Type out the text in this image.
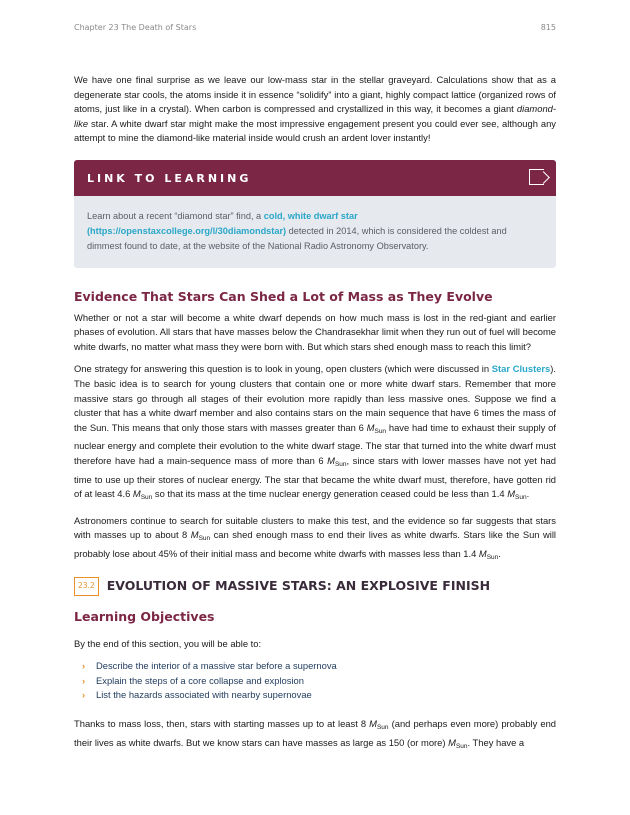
Chapter 23 The Death of Stars	815

We have one final surprise as we leave our low-mass star in the stellar graveyard. Calculations show that as a degenerate star cools, the atoms inside it in essence “solidify” into a giant, highly compact lattice (organized rows of atoms, just like in a crystal). When carbon is compressed and crystallized in this way, it becomes a giant diamond-like star. A white dwarf star might make the most impressive engagement present you could ever see, although any attempt to mine the diamond-like material inside would crush an ardent lover instantly!

LINK TO LEARNING

Learn about a recent “diamond star” find, a cold, white dwarf star (https://openstaxcollege.org/l/30diamondstar) detected in 2014, which is considered the coldest and dimmest found to date, at the website of the National Radio Astronomy Observatory.

Evidence That Stars Can Shed a Lot of Mass as They Evolve

Whether or not a star will become a white dwarf depends on how much mass is lost in the red-giant and earlier phases of evolution. All stars that have masses below the Chandrasekhar limit when they run out of fuel will become white dwarfs, no matter what mass they were born with. But which stars shed enough mass to reach this limit?

One strategy for answering this question is to look in young, open clusters (which were discussed in Star Clusters). The basic idea is to search for young clusters that contain one or more white dwarf stars. Remember that more massive stars go through all stages of their evolution more rapidly than less massive ones. Suppose we find a cluster that has a white dwarf member and also contains stars on the main sequence that have 6 times the mass of the Sun. This means that only those stars with masses greater than 6 $M_{Sun}$ have had time to exhaust their supply of nuclear energy and complete their evolution to the white dwarf stage. The star that turned into the white dwarf must therefore have had a main-sequence mass of more than 6 $M_{Sun}$, since stars with lower masses have not yet had time to use up their stores of nuclear energy. The star that became the white dwarf must, therefore, have gotten rid of at least 4.6 $M_{Sun}$ so that its mass at the time nuclear energy generation ceased could be less than 1.4 $M_{Sun}$.

Astronomers continue to search for suitable clusters to make this test, and the evidence so far suggests that stars with masses up to about 8 $M_{Sun}$ can shed enough mass to end their lives as white dwarfs. Stars like the Sun will probably lose about 45% of their initial mass and become white dwarfs with masses less than 1.4 $M_{Sun}$.

23.2 EVOLUTION OF MASSIVE STARS: AN EXPLOSIVE FINISH
Learning Objectives

By the end of this section, you will be able to:

› Describe the interior of a massive star before a supernova
› Explain the steps of a core collapse and explosion
› List the hazards associated with nearby supernovae

Thanks to mass loss, then, stars with starting masses up to at least 8 $M_{Sun}$ (and perhaps even more) probably end their lives as white dwarfs. But we know stars can have masses as large as 150 (or more) $M_{Sun}$. They have a
